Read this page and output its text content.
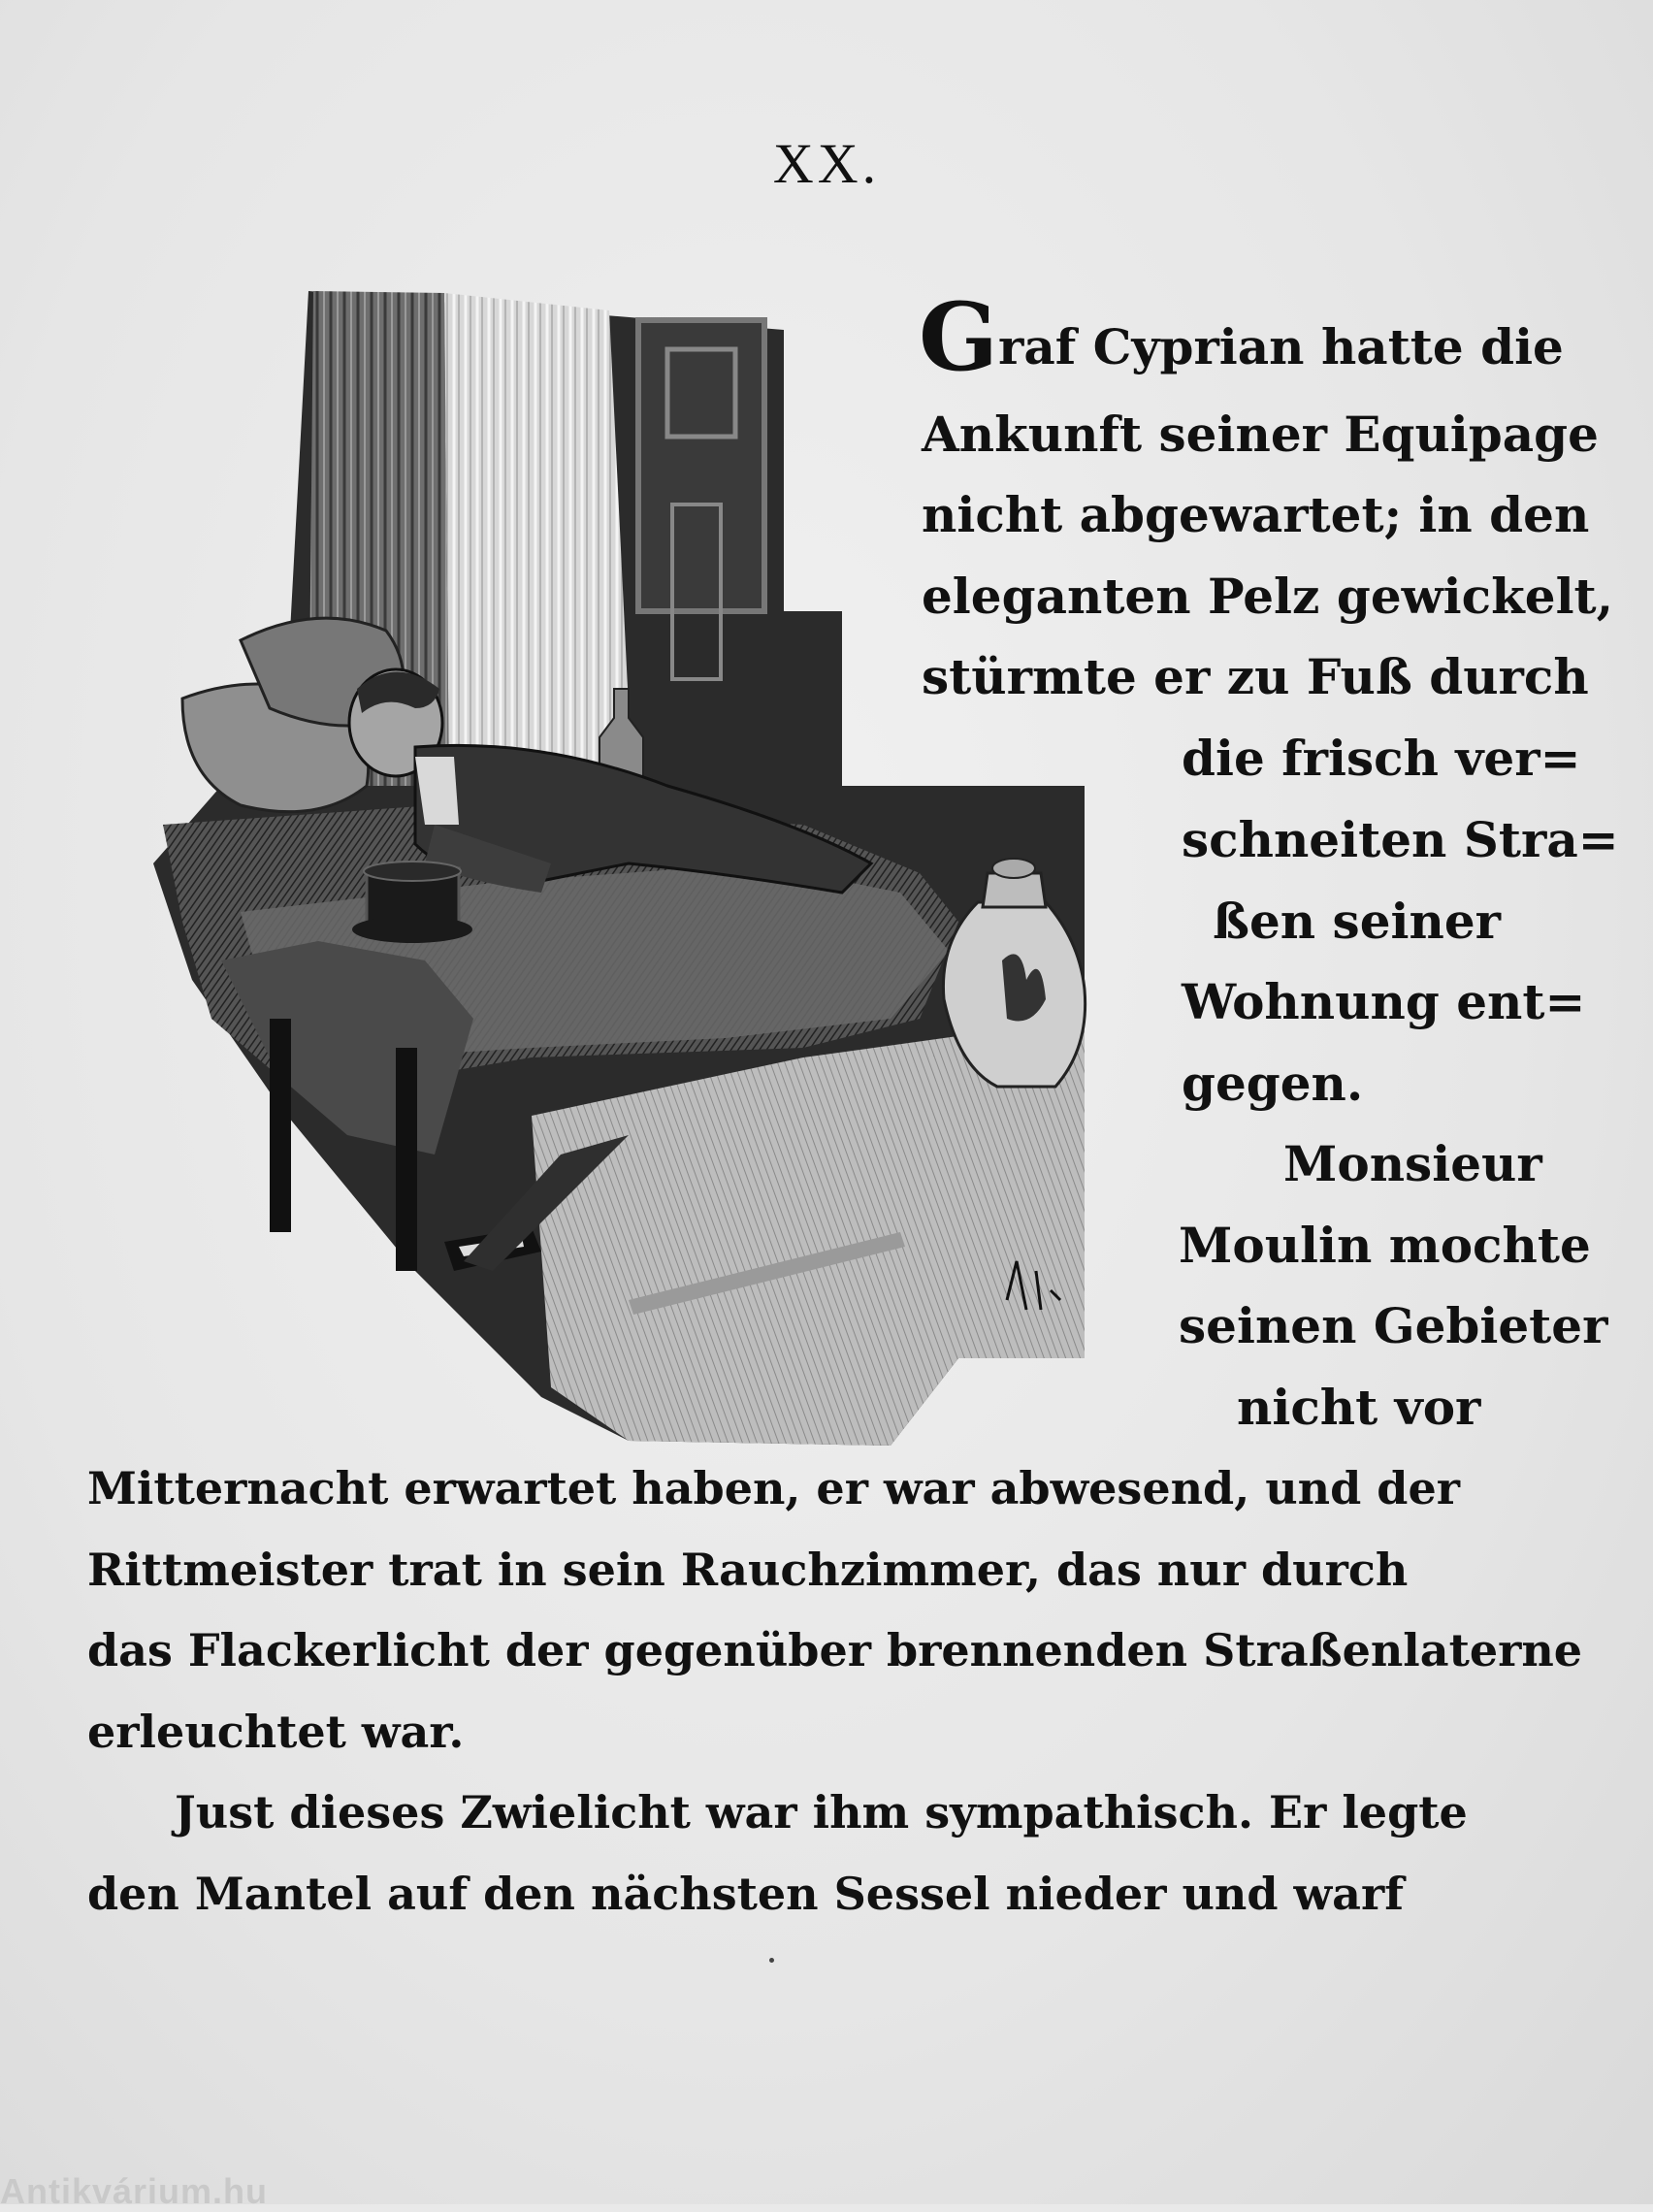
XX.
Graf Cyprian hatte die
Ankunft seiner Equipage
nicht abgewartet; in den
eleganten Pelz gewickelt,
stürmte er zu Fuß durch
die frisch ver=
schneiten Stra=
ßen seiner
Wohnung ent=
gegen.
Monsieur
Moulin mochte
seinen Gebieter
nicht vor
Mitternacht erwartet haben, er war abwesend, und der
Rittmeister trat in sein Rauchzimmer, das nur durch
das Flackerlicht der gegenüber brennenden Straßenlaterne
erleuchtet war.
Just dieses Zwielicht war ihm sympathisch. Er legte
den Mantel auf den nächsten Sessel nieder und warf
Antikvárium.hu
